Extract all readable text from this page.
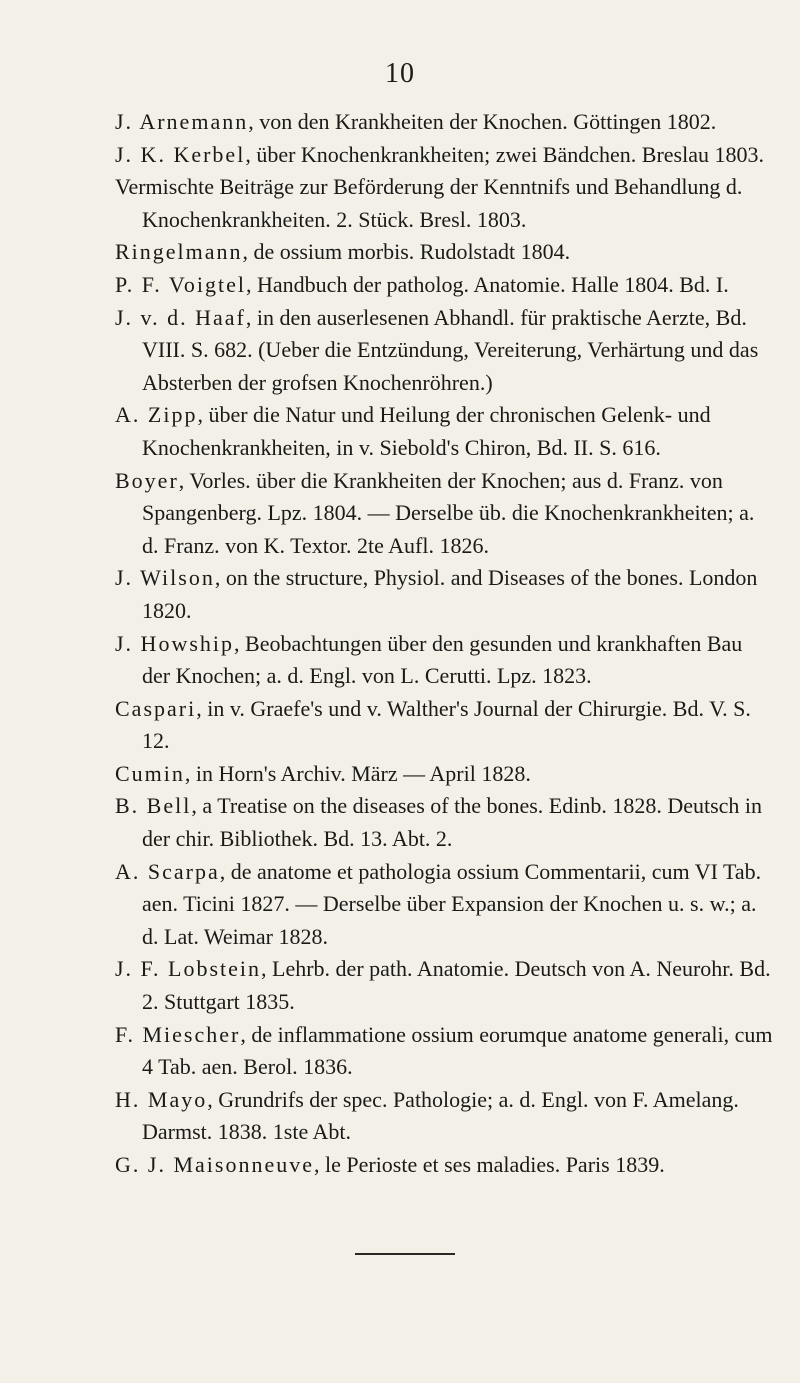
10

J. Arnemann, von den Krankheiten der Knochen. Göttingen 1802.

J. K. Kerbel, über Knochenkrankheiten; zwei Bändchen. Breslau 1803.

Vermischte Beiträge zur Beförderung der Kenntnifs und Behandlung d. Knochenkrankheiten. 2. Stück. Bresl. 1803.

Ringelmann, de ossium morbis. Rudolstadt 1804.

P. F. Voigtel, Handbuch der patholog. Anatomie. Halle 1804. Bd. I.

J. v. d. Haaf, in den auserlesenen Abhandl. für praktische Aerzte, Bd. VIII. S. 682. (Ueber die Entzündung, Vereiterung, Verhärtung und das Absterben der grofsen Knochenröhren.)

A. Zipp, über die Natur und Heilung der chronischen Gelenk- und Knochenkrankheiten, in v. Siebold's Chiron, Bd. II. S. 616.

Boyer, Vorles. über die Krankheiten der Knochen; aus d. Franz. von Spangenberg. Lpz. 1804. — Derselbe üb. die Knochenkrankheiten; a. d. Franz. von K. Textor. 2te Aufl. 1826.

J. Wilson, on the structure, Physiol. and Diseases of the bones. London 1820.

J. Howship, Beobachtungen über den gesunden und krankhaften Bau der Knochen; a. d. Engl. von L. Cerutti. Lpz. 1823.

Caspari, in v. Graefe's und v. Walther's Journal der Chirurgie. Bd. V. S. 12.

Cumin, in Horn's Archiv. März — April 1828.

B. Bell, a Treatise on the diseases of the bones. Edinb. 1828. Deutsch in der chir. Bibliothek. Bd. 13. Abt. 2.

A. Scarpa, de anatome et pathologia ossium Commentarii, cum VI Tab. aen. Ticini 1827. — Derselbe über Expansion der Knochen u. s. w.; a. d. Lat. Weimar 1828.

J. F. Lobstein, Lehrb. der path. Anatomie. Deutsch von A. Neurohr. Bd. 2. Stuttgart 1835.

F. Miescher, de inflammatione ossium eorumque anatome generali, cum 4 Tab. aen. Berol. 1836.

H. Mayo, Grundrifs der spec. Pathologie; a. d. Engl. von F. Amelang. Darmst. 1838. 1ste Abt.

G. J. Maisonneuve, le Perioste et ses maladies. Paris 1839.
